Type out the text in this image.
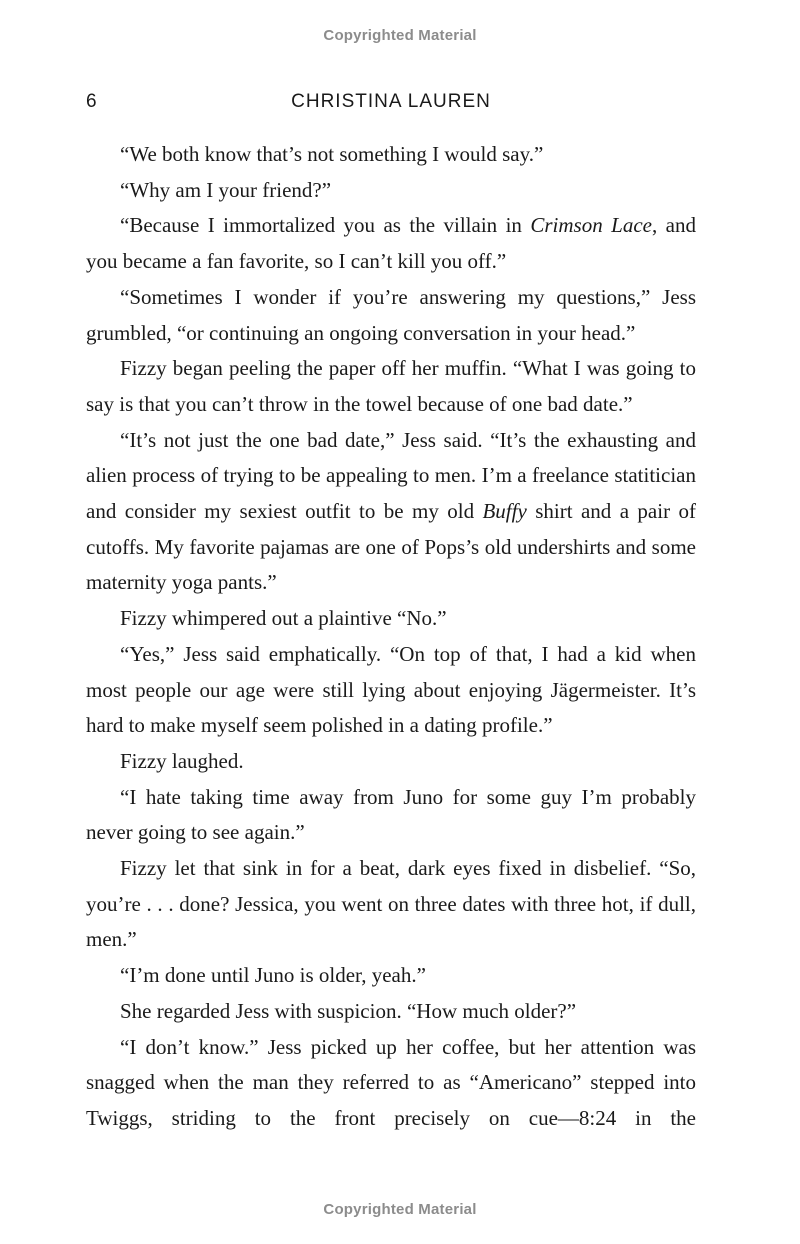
Copyrighted Material
6	CHRISTINA LAUREN

“We both know that’s not something I would say.”

“Why am I your friend?”

“Because I immortalized you as the villain in Crimson Lace, and you became a fan favorite, so I can’t kill you off.”

“Sometimes I wonder if you’re answering my questions,” Jess grumbled, “or continuing an ongoing conversation in your head.”

Fizzy began peeling the paper off her muffin. “What I was going to say is that you can’t throw in the towel because of one bad date.”

“It’s not just the one bad date,” Jess said. “It’s the exhausting and alien process of trying to be appealing to men. I’m a freelance statitician and consider my sexiest outfit to be my old Buffy shirt and a pair of cutoffs. My favorite pajamas are one of Pops’s old undershirts and some maternity yoga pants.”

Fizzy whimpered out a plaintive “No.”

“Yes,” Jess said emphatically. “On top of that, I had a kid when most people our age were still lying about enjoying Jägermeister. It’s hard to make myself seem polished in a dating profile.”

Fizzy laughed.

“I hate taking time away from Juno for some guy I’m probably never going to see again.”

Fizzy let that sink in for a beat, dark eyes fixed in disbelief. “So, you’re . . . done? Jessica, you went on three dates with three hot, if dull, men.”

“I’m done until Juno is older, yeah.”

She regarded Jess with suspicion. “How much older?”

“I don’t know.” Jess picked up her coffee, but her attention was snagged when the man they referred to as “Americano” stepped into Twiggs, striding to the front precisely on cue—8:24 in the

Copyrighted Material
